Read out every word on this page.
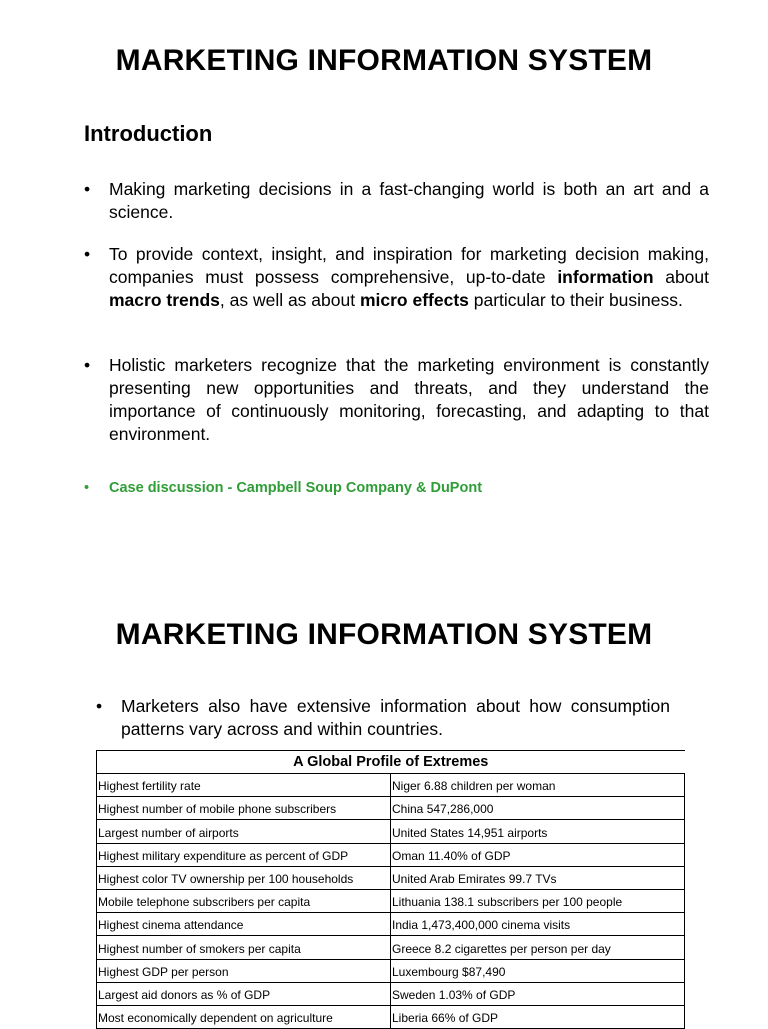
MARKETING INFORMATION SYSTEM
Introduction
• Making marketing decisions in a fast-changing world is both an art and a science.
• To provide context, insight, and inspiration for marketing decision making, companies must possess comprehensive, up-to-date information about macro trends, as well as about micro effects particular to their business.
• Holistic marketers recognize that the marketing environment is constantly presenting new opportunities and threats, and they understand the importance of continuously monitoring, forecasting, and adapting to that environment.
• Case discussion - Campbell Soup Company & DuPont
MARKETING INFORMATION SYSTEM
• Marketers also have extensive information about how consumption patterns vary across and within countries.
A Global Profile of Extremes	
Highest fertility rate	Niger 6.88 children per woman
Highest number of mobile phone subscribers	China 547,286,000
Largest number of airports	United States 14,951 airports
Highest military expenditure as percent of GDP	Oman 11.40% of GDP
Highest color TV ownership per 100 households	United Arab Emirates 99.7 TVs
Mobile telephone subscribers per capita	Lithuania 138.1 subscribers per 100 people
Highest cinema attendance	India 1,473,400,000 cinema visits
Highest number of smokers per capita	Greece 8.2 cigarettes per person per day
Highest GDP per person	Luxembourg $87,490
Largest aid donors as % of GDP	Sweden 1.03% of GDP
Most economically dependent on agriculture	Liberia 66% of GDP
